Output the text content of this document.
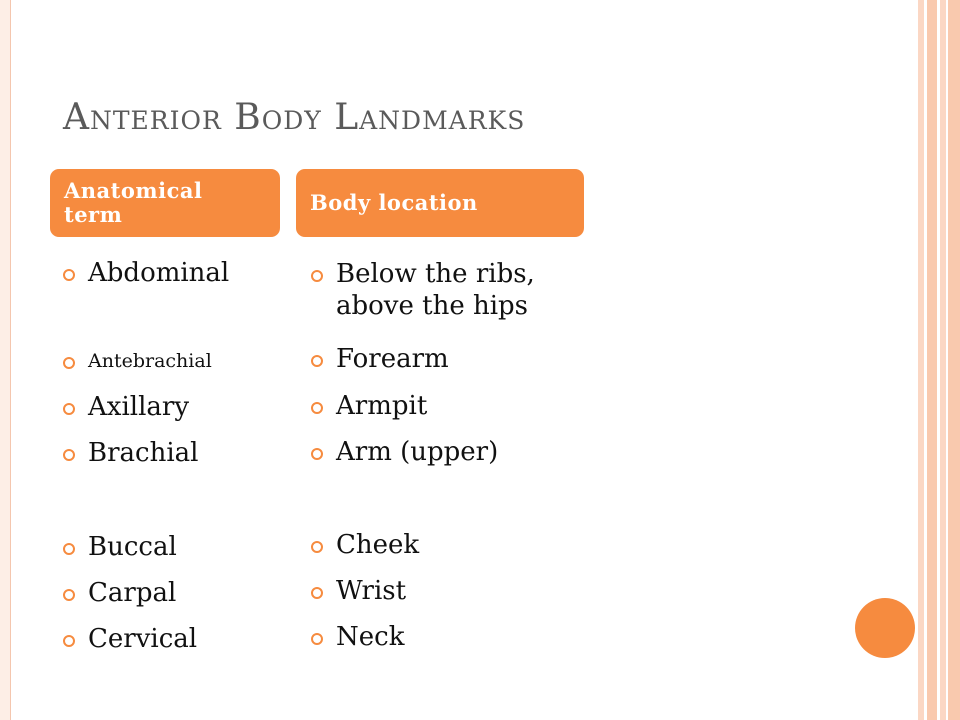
Anterior Body Landmarks
Anatomical term	Body location
Abdominal
Antebrachial
Axillary
Brachial
Buccal
Carpal
Cervical
Below the ribs, above the hips
Forearm
Armpit
Arm (upper)
Cheek
Wrist
Neck
